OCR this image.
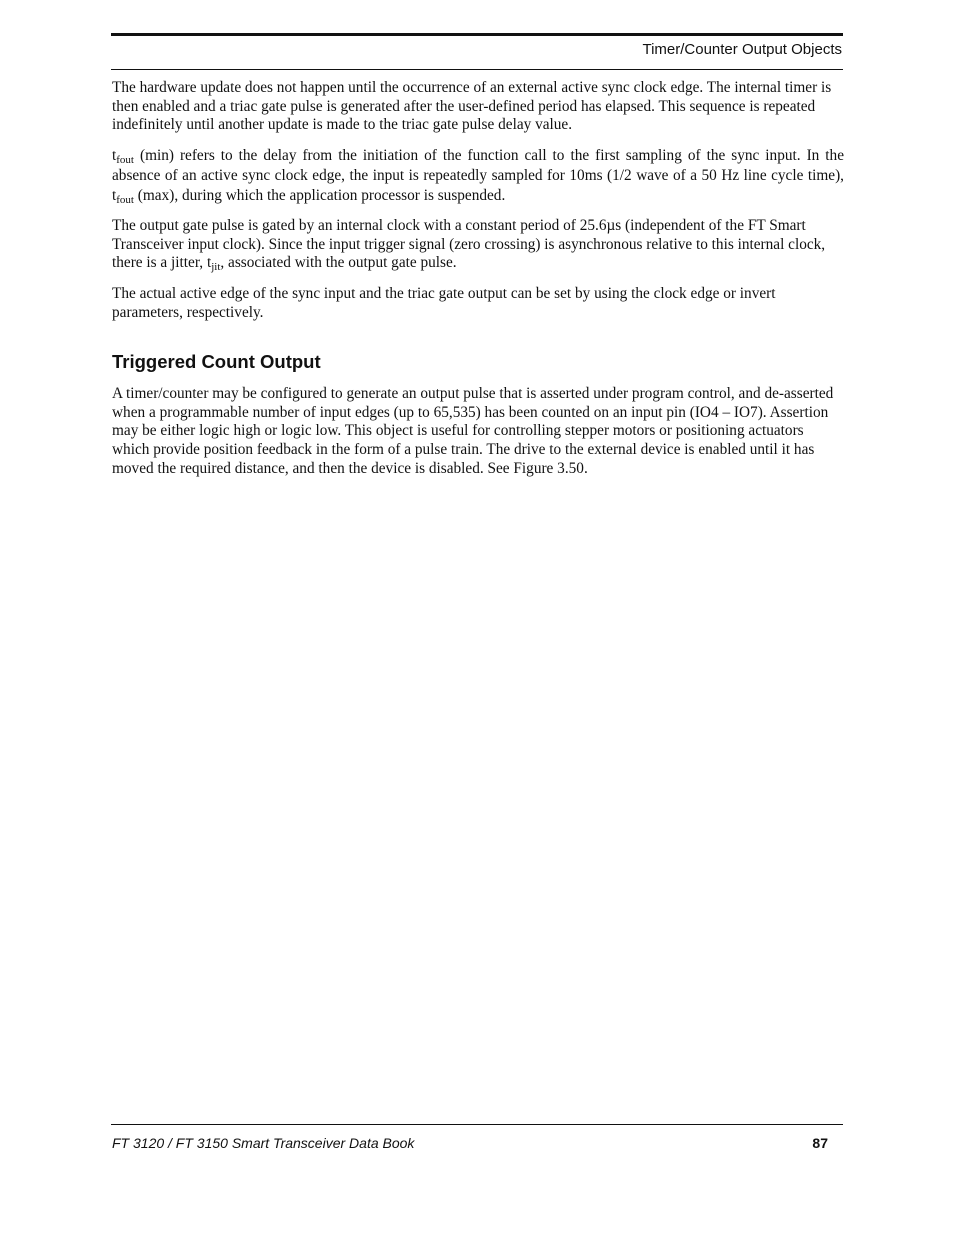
Timer/Counter Output Objects

The hardware update does not happen until the occurrence of an external active sync clock edge. The internal timer is then enabled and a triac gate pulse is generated after the user-defined period has elapsed. This sequence is repeated indefinitely until another update is made to the triac gate pulse delay value.

$t_{fout}$ (min) refers to the delay from the initiation of the function call to the first sampling of the sync input. In the absence of an active sync clock edge, the input is repeatedly sampled for 10ms (1/2 wave of a 50 Hz line cycle time), $t_{fout}$ (max), during which the application processor is suspended.

The output gate pulse is gated by an internal clock with a constant period of 25.6µs (independent of the FT Smart Transceiver input clock). Since the input trigger signal (zero crossing) is asynchronous relative to this internal clock, there is a jitter, $t_{jit}$, associated with the output gate pulse.

The actual active edge of the sync input and the triac gate output can be set by using the clock edge or invert parameters, respectively.

Triggered Count Output

A timer/counter may be configured to generate an output pulse that is asserted under program control, and de-asserted when a programmable number of input edges (up to 65,535) has been counted on an input pin (IO4 – IO7). Assertion may be either logic high or logic low. This object is useful for controlling stepper motors or positioning actuators which provide position feedback in the form of a pulse train. The drive to the external device is enabled until it has moved the required distance, and then the device is disabled. See Figure 3.50.

FT 3120 / FT 3150 Smart Transceiver Data Book	87
